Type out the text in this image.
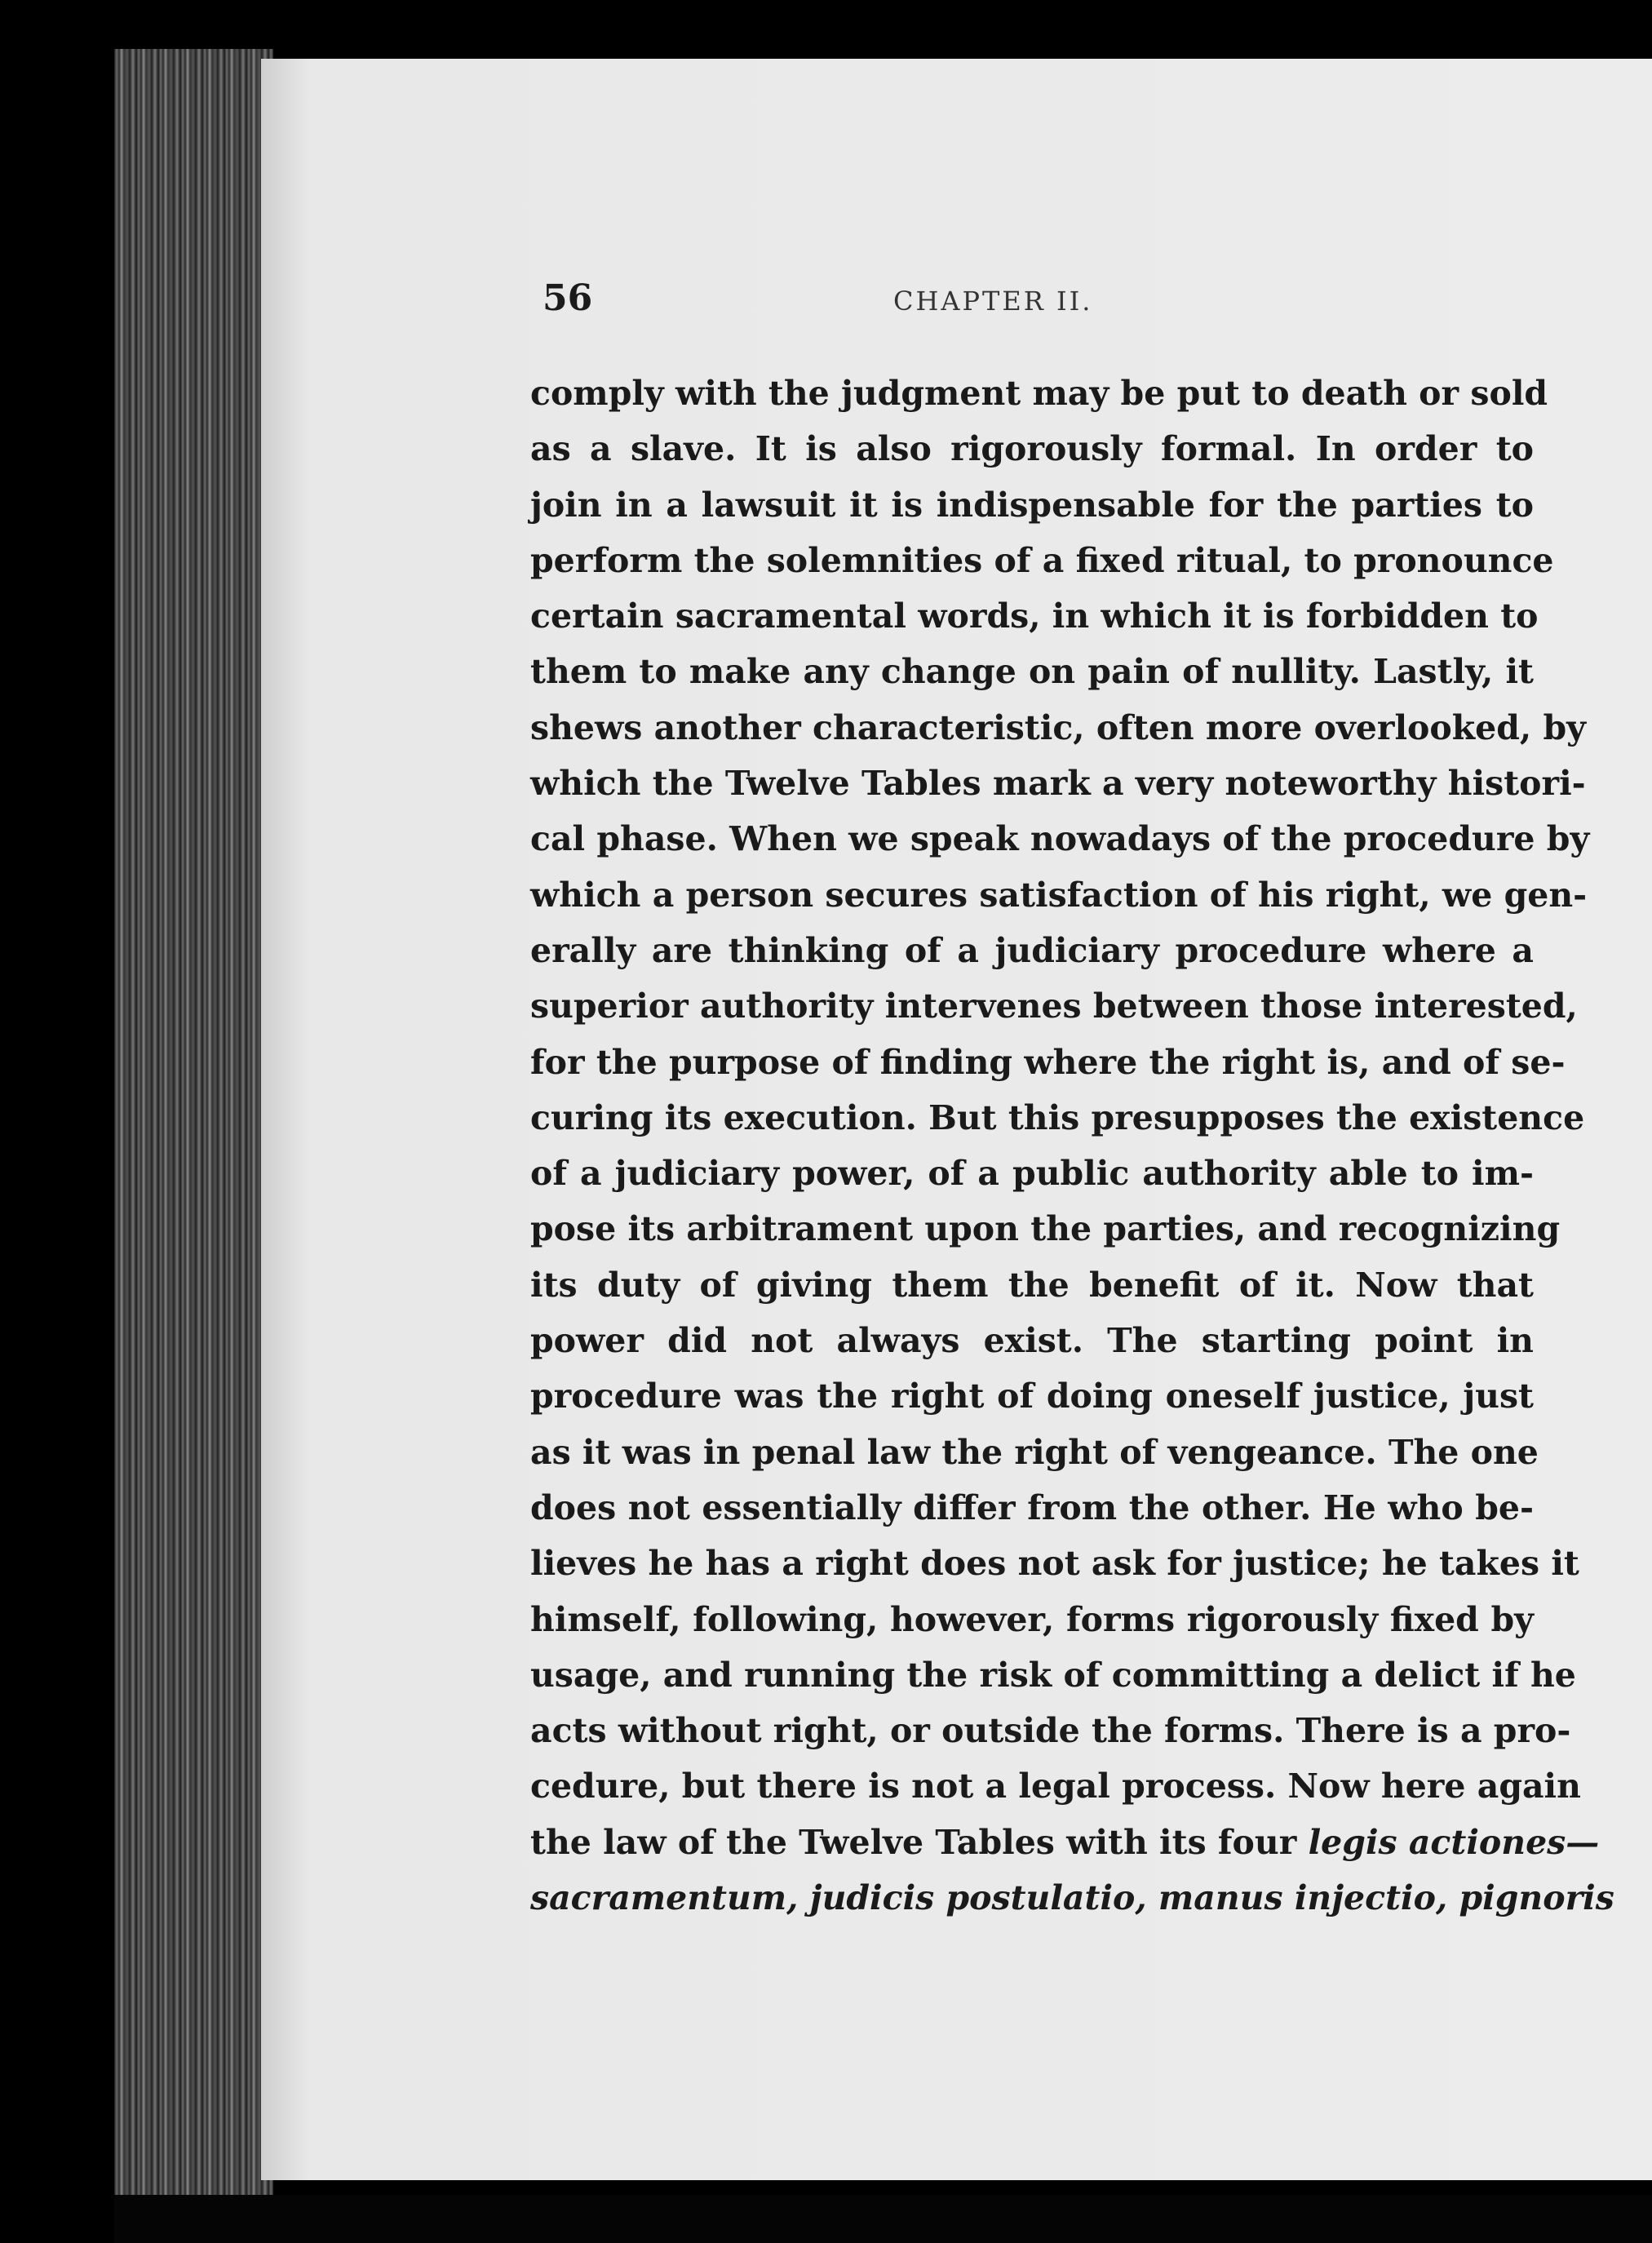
56	CHAPTER II.
comply with the judgment may be put to death or sold
as a slave. It is also rigorously formal. In order to
join in a lawsuit it is indispensable for the parties to
perform the solemnities of a fixed ritual, to pronounce
certain sacramental words, in which it is forbidden to
them to make any change on pain of nullity. Lastly, it
shews another characteristic, often more overlooked, by
which the Twelve Tables mark a very noteworthy histori-
cal phase. When we speak nowadays of the procedure by
which a person secures satisfaction of his right, we gen-
erally are thinking of a judiciary procedure where a
superior authority intervenes between those interested,
for the purpose of finding where the right is, and of se-
curing its execution. But this presupposes the existence
of a judiciary power, of a public authority able to im-
pose its arbitrament upon the parties, and recognizing
its duty of giving them the benefit of it. Now that
power did not always exist. The starting point in
procedure was the right of doing oneself justice, just
as it was in penal law the right of vengeance. The one
does not essentially differ from the other. He who be-
lieves he has a right does not ask for justice; he takes it
himself, following, however, forms rigorously fixed by
usage, and running the risk of committing a delict if he
acts without right, or outside the forms. There is a pro-
cedure, but there is not a legal process. Now here again
the law of the Twelve Tables with its four legis actiones—
sacramentum, judicis postulatio, manus injectio, pignoris
